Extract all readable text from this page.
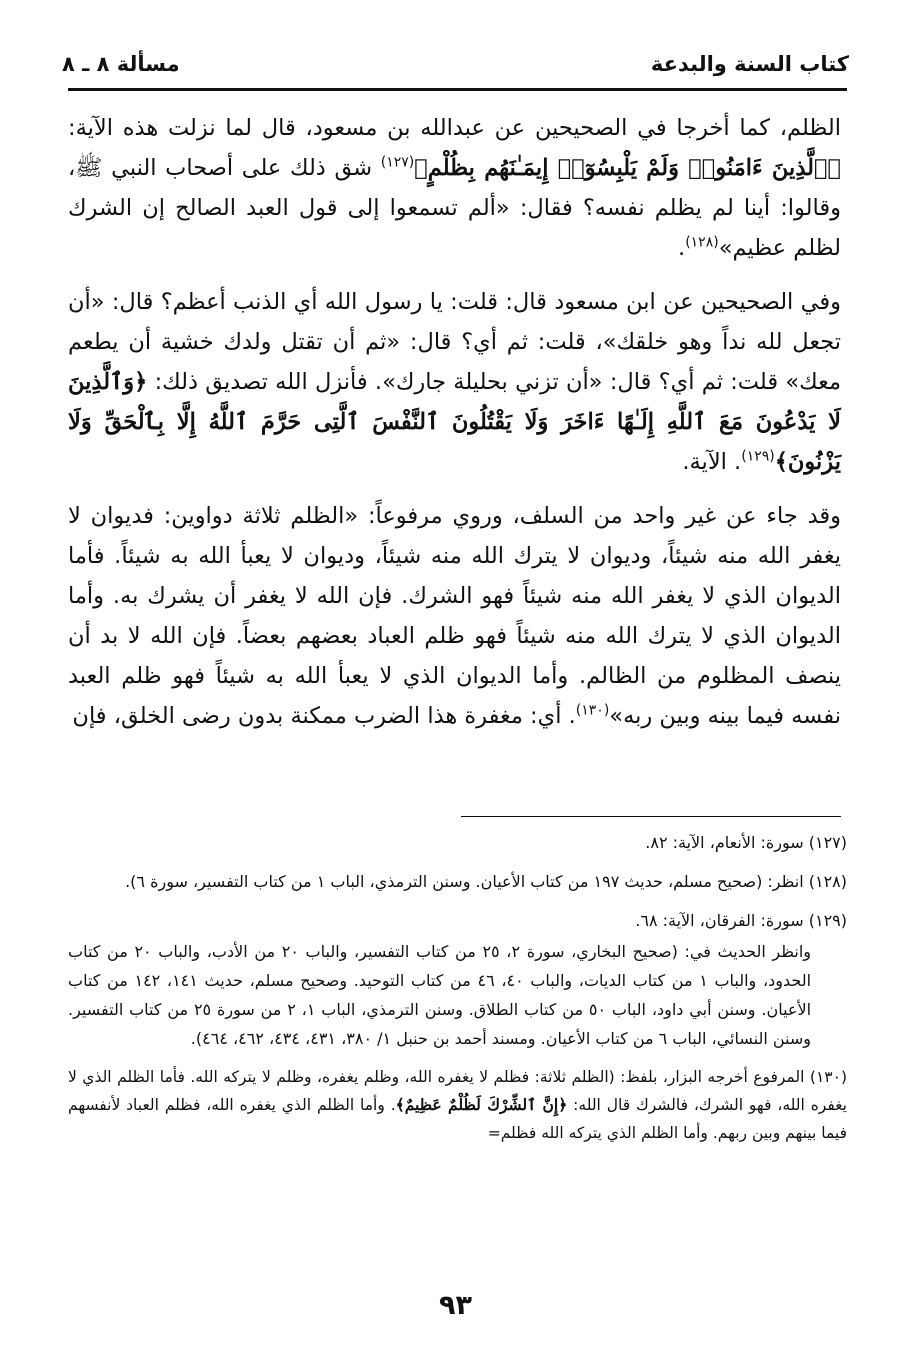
كتاب السنة والبدعة
مسألة ٨ ـ ٨

الظلم، كما أخرجا في الصحيحين عن عبدالله بن مسعود، قال لما نزلت هذه الآية: ﴿ٱلَّذِينَ ءَامَنُوا۟ وَلَمْ يَلْبِسُوٓا۟ إِيمَـٰنَهُم بِظُلْمٍ﴾$^{(١٢٧)}$ شق ذلك على أصحاب النبي ﷺ، وقالوا: أينا لم يظلم نفسه؟ فقال: «ألم تسمعوا إلى قول العبد الصالح إن الشرك لظلم عظيم»$^{(١٢٨)}$.

وفي الصحيحين عن ابن مسعود قال: قلت: يا رسول الله أي الذنب أعظم؟ قال: «أن تجعل لله نداً وهو خلقك»، قلت: ثم أي؟ قال: «ثم أن تقتل ولدك خشية أن يطعم معك» قلت: ثم أي؟ قال: «أن تزني بحليلة جارك». فأنزل الله تصديق ذلك: ﴿وَٱلَّذِينَ لَا يَدْعُونَ مَعَ ٱللَّهِ إِلَـٰهًا ءَاخَرَ وَلَا يَقْتُلُونَ ٱلنَّفْسَ ٱلَّتِى حَرَّمَ ٱللَّهُ إِلَّا بِٱلْحَقِّ وَلَا يَزْنُونَ﴾$^{(١٢٩)}$. الآية.

وقد جاء عن غير واحد من السلف، وروي مرفوعاً: «الظلم ثلاثة دواوين: فديوان لا يغفر الله منه شيئاً، وديوان لا يترك الله منه شيئاً، وديوان لا يعبأ الله به شيئاً. فأما الديوان الذي لا يغفر الله منه شيئاً فهو الشرك. فإن الله لا يغفر أن يشرك به. وأما الديوان الذي لا يترك الله منه شيئاً فهو ظلم العباد بعضهم بعضاً. فإن الله لا بد أن ينصف المظلوم من الظالم. وأما الديوان الذي لا يعبأ الله به شيئاً فهو ظلم العبد نفسه فيما بينه وبين ربه»$^{(١٣٠)}$. أي: مغفرة هذا الضرب ممكنة بدون رضى الخلق، فإن

(١٢٧) سورة: الأنعام، الآية: ٨٢.

(١٢٨) انظر: (صحيح مسلم، حديث ١٩٧ من كتاب الأعيان. وسنن الترمذي، الباب ١ من كتاب التفسير، سورة ٦).

(١٢٩) سورة: الفرقان، الآية: ٦٨.

وانظر الحديث في: (صحيح البخاري، سورة ٢، ٢٥ من كتاب التفسير، والباب ٢٠ من الأدب، والباب ٢٠ من كتاب الحدود، والباب ١ من كتاب الديات، والباب ٤٠، ٤٦ من كتاب التوحيد. وصحيح مسلم، حديث ١٤١، ١٤٢ من كتاب الأعيان. وسنن أبي داود، الباب ٥٠ من كتاب الطلاق. وسنن الترمذي، الباب ١، ٢ من سورة ٢٥ من كتاب التفسير. وسنن النسائي، الباب ٦ من كتاب الأعيان. ومسند أحمد بن حنبل ١/ ٣٨٠، ٤٣١، ٤٣٤، ٤٦٢، ٤٦٤).

(١٣٠) المرفوع أخرجه البزار، بلفظ: (الظلم ثلاثة: فظلم لا يغفره الله، وظلم يغفره، وظلم لا يتركه الله. فأما الظلم الذي لا يغفره الله، فهو الشرك، فالشرك قال الله: ﴿إِنَّ ٱلشِّرْكَ لَظُلْمٌ عَظِيمٌ﴾. وأما الظلم الذي يغفره الله، فظلم العباد لأنفسهم فيما بينهم وبين ربهم. وأما الظلم الذي يتركه الله فظلم=

٩٣
